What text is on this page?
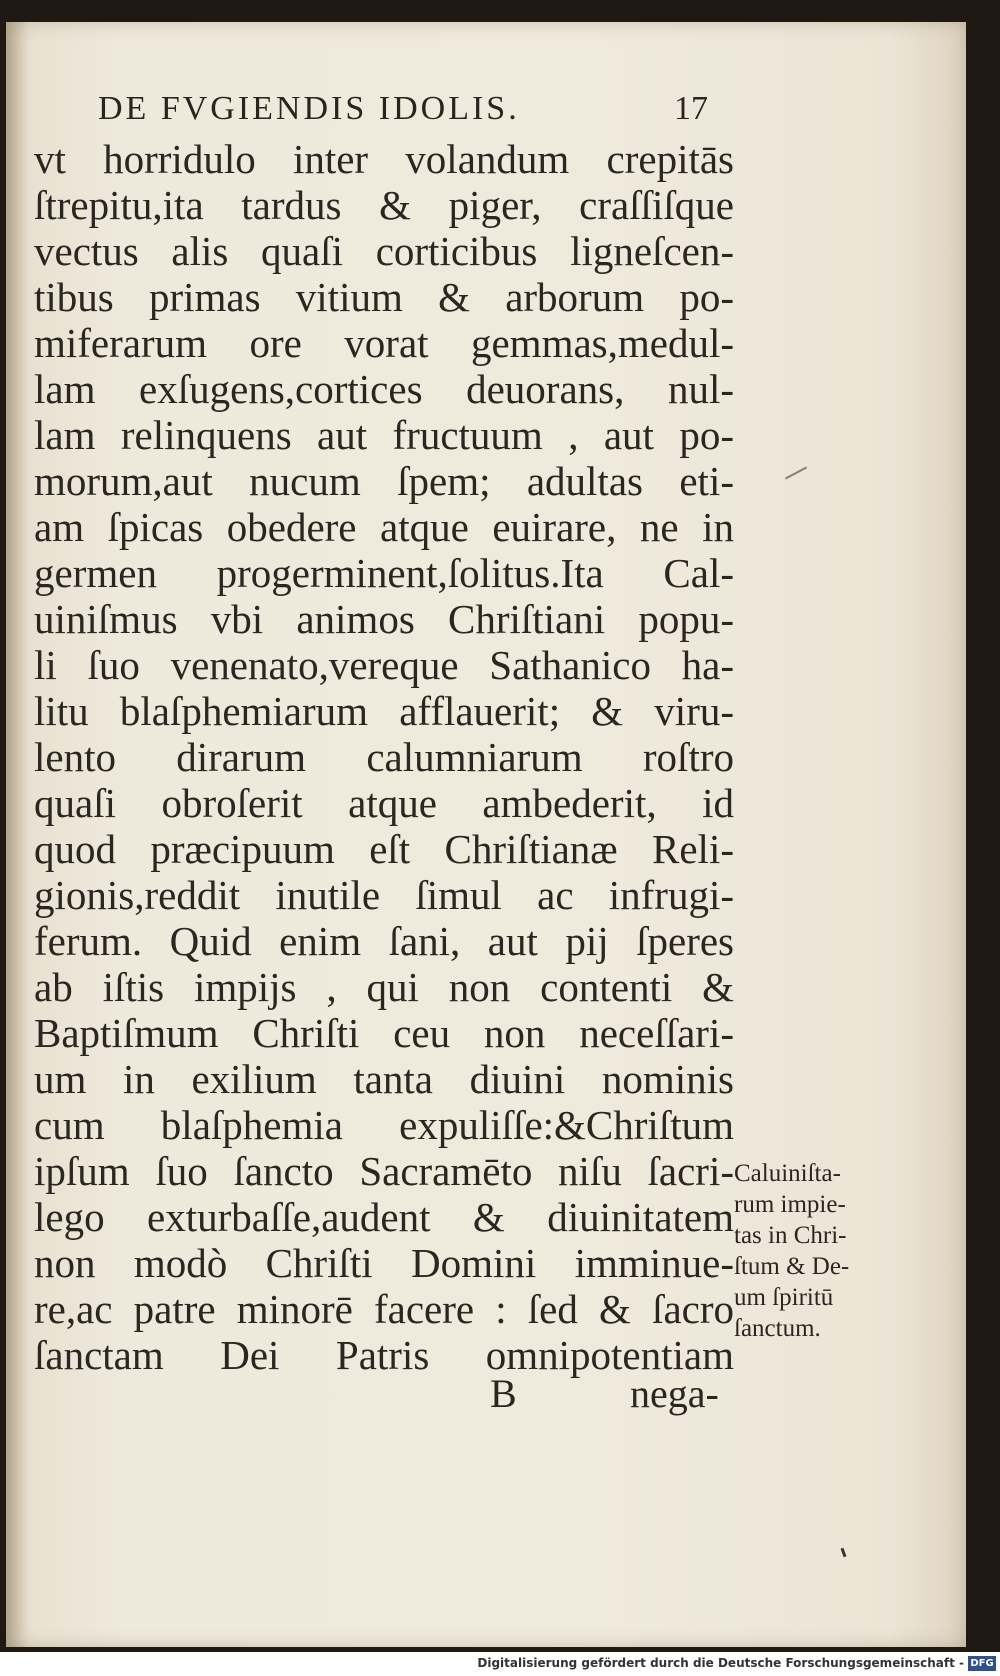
DE FVGIENDIS IDOLIS.	17
vt horridulo inter volandum crepitās
ſtrepitu,ita tardus & piger, craſſiſque
vectus alis quaſi corticibus ligneſcen-
tibus primas vitium & arborum po-
miferarum ore vorat gemmas,medul-
lam exſugens,cortices deuorans, nul-
lam relinquens aut fructuum , aut po-
morum,aut nucum ſpem; adultas eti-
am ſpicas obedere atque euirare, ne in
germen progerminent,ſolitus.Ita Cal-
uiniſmus vbi animos Chriſtiani popu-
li ſuo venenato,vereque Sathanico ha-
litu blaſphemiarum afflauerit; & viru-
lento dirarum calumniarum roſtro
quaſi obroſerit atque ambederit, id
quod præcipuum eſt Chriſtianæ Reli-
gionis,reddit inutile ſimul ac infrugi-
ferum. Quid enim ſani, aut pij ſperes
ab iſtis impijs , qui non contenti &
Baptiſmum Chriſti ceu non neceſſari-
um in exilium tanta diuini nominis
cum blaſphemia expuliſſe:&Chriſtum
ipſum ſuo ſancto Sacramēto niſu ſacri-
lego exturbaſſe,audent & diuinitatem
non modò Chriſti Domini imminue-
re,ac patre minorē facere : ſed & ſacro
ſanctam Dei Patris omnipotentiam
Caluiniſta-
rum impie-
tas in Chri-
ſtum & De-
um ſpiritū
ſanctum.
B	nega-
Digitalisierung gefördert durch die Deutsche Forschungsgemeinschaft - DFG
